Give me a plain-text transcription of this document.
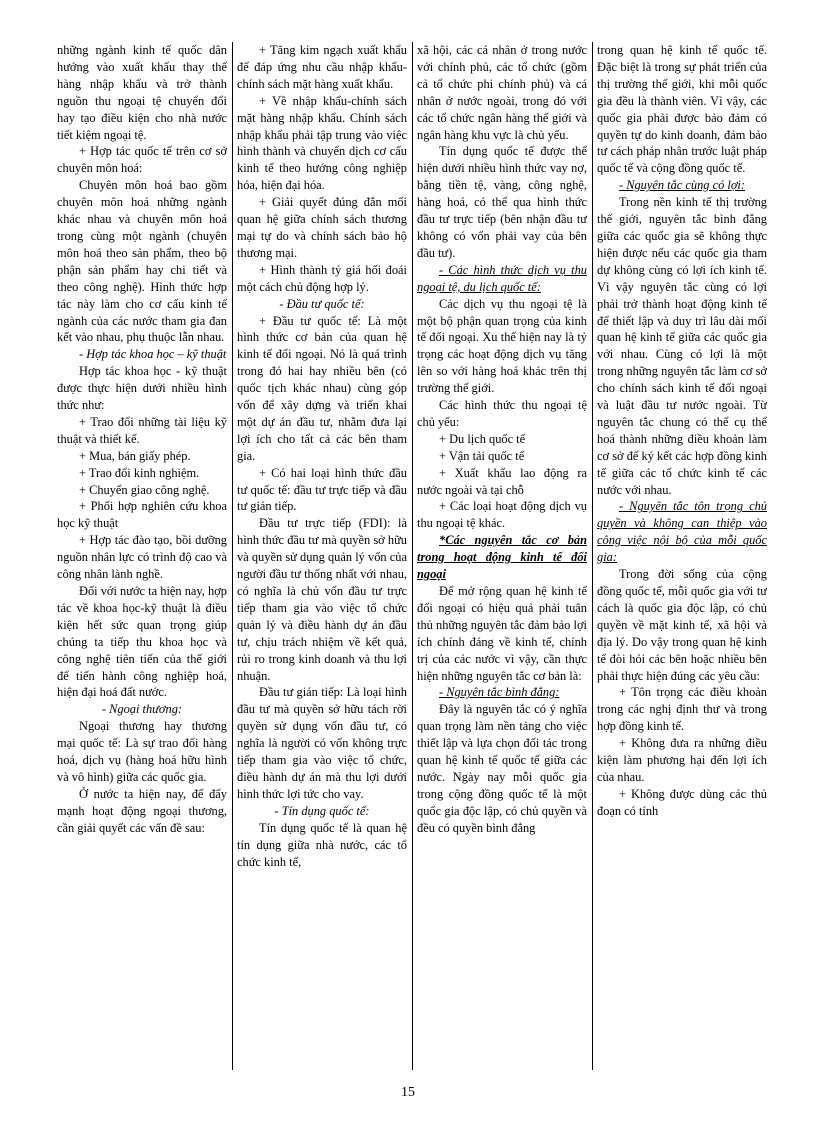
những ngành kinh tế quốc dân hướng vào xuất khẩu thay thế hàng nhập khẩu và trở thành nguồn thu ngoại tệ chuyển đổi hay tạo điều kiện cho nhà nước tiết kiệm ngoại tệ.

+ Hợp tác quốc tế trên cơ sở chuyên môn hoá:

Chuyên môn hoá bao gồm chuyên môn hoá những ngành khác nhau và chuyên môn hoá trong cùng một ngành (chuyên môn hoá theo sản phẩm, theo bộ phận sản phẩm hay chi tiết và theo công nghệ). Hình thức hợp tác này làm cho cơ cấu kinh tế ngành của các nước tham gia đan kết vào nhau, phụ thuộc lẫn nhau.

- Hợp tác khoa học – kỹ thuật

Hợp tác khoa học - kỹ thuật được thực hiện dưới nhiều hình thức như:

+ Trao đổi những tài liệu kỹ thuật và thiết kế.

+ Mua, bán giấy phép.

+ Trao đổi kinh nghiệm.

+ Chuyển giao công nghệ.

+ Phối hợp nghiên cứu khoa học kỹ thuật

+ Hợp tác đào tạo, bồi dưỡng nguồn nhân lực có trình độ cao và công nhân lành nghề.

Đối với nước ta hiện nay, hợp tác về khoa học-kỹ thuật là điều kiện hết sức quan trọng giúp chúng ta tiếp thu khoa học và công nghệ tiên tiến của thế giới để tiến hành công nghiệp hoá, hiện đại hoá đất nước.

- Ngoại thương:

Ngoại thương hay thương mại quốc tế: Là sự trao đổi hàng hoá, dịch vụ (hàng hoá hữu hình và vô hình) giữa các quốc gia.

Ở nước ta hiện nay, để đẩy mạnh hoạt động ngoại thương, cần giải quyết các vấn đề sau:

+ Tăng kim ngạch xuất khẩu để đáp ứng nhu cầu nhập khẩu-chính sách mặt hàng xuất khẩu.

+ Về nhập khẩu-chính sách mặt hàng nhập khẩu. Chính sách nhập khẩu phải tập trung vào việc hình thành và chuyển dịch cơ cấu kinh tế theo hướng công nghiệp hóa, hiện đại hóa.

+ Giải quyết đúng đắn mối quan hệ giữa chính sách thương mại tự do và chính sách bảo hộ thương mại.

+ Hình thành tỷ giá hối đoái một cách chủ động hợp lý.

- Đầu tư quốc tế:

+ Đầu tư quốc tế: Là một hình thức cơ bản của quan hệ kinh tế đối ngoại. Nó là quá trình trong đó hai hay nhiều bên (có quốc tịch khác nhau) cùng góp vốn để xây dựng và triển khai một dự án đầu tư, nhằm đưa lại lợi ích cho tất cả các bên tham gia.

+ Có hai loại hình thức đầu tư quốc tế: đầu tư trực tiếp và đầu tư gián tiếp.

Đầu tư trực tiếp (FDI): là hình thức đầu tư mà quyền sở hữu và quyền sử dụng quản lý vốn của người đầu tư thống nhất với nhau, có nghĩa là chủ vốn đầu tư trực tiếp tham gia vào việc tổ chức quản lý và điều hành dự án đầu tư, chịu trách nhiệm về kết quả, rủi ro trong kinh doanh và thu lợi nhuận.

Đầu tư gián tiếp: Là loại hình đầu tư mà quyền sở hữu tách rời quyền sử dụng vốn đầu tư, có nghĩa là người có vốn không trực tiếp tham gia vào việc tổ chức, điều hành dự án mà thu lợi dưới hình thức lợi tức cho vay.

- Tín dụng quốc tế:

Tín dụng quốc tế là quan hệ tín dụng giữa nhà nước, các tổ chức kinh tế,

xã hội, các cá nhân ở trong nước với chính phủ, các tổ chức (gồm cả tổ chức phi chính phủ) và cá nhân ở nước ngoài, trong đó với các tổ chức ngân hàng thế giới và ngân hàng khu vực là chủ yếu.

Tín dụng quốc tế được thể hiện dưới nhiều hình thức vay nợ, bằng tiền tệ, vàng, công nghệ, hàng hoá, có thể qua hình thức đầu tư trực tiếp (bên nhận đầu tư không có vốn phải vay của bên đầu tư).

- Các hình thức dịch vụ thu ngoại tệ, du lịch quốc tế:

Các dịch vụ thu ngoại tệ là một bộ phận quan trọng của kinh tế đối ngoại. Xu thế hiện nay là tỷ trọng các hoạt động dịch vụ tăng lên so với hàng hoá khác trên thị trường thế giới.

Các hình thức thu ngoại tệ chủ yếu:

+ Du lịch quốc tế

+ Vận tải quốc tế

+ Xuất khẩu lao động ra nước ngoài và tại chỗ

+ Các loại hoạt động dịch vụ thu ngoại tệ khác.

*Các nguyên tắc cơ bản trong hoạt động kinh tế đối ngoại

Để mở rộng quan hệ kinh tế đối ngoại có hiệu quả phải tuân thủ những nguyên tắc đảm bảo lợi ích chính đáng về kinh tế, chính trị của các nước vì vậy, cần thực hiện những nguyên tắc cơ bản là:

- Nguyên tắc bình đẳng:

Đây là nguyên tắc có ý nghĩa quan trọng làm nền tảng cho việc thiết lập và lựa chọn đối tác trong quan hệ kinh tế quốc tế giữa các nước. Ngày nay mỗi quốc gia trong cộng đồng quốc tế là một quốc gia độc lập, có chủ quyền và đều có quyền bình đẳng

trong quan hệ kinh tế quốc tế. Đặc biệt là trong sự phát triển của thị trường thế giới, khi mỗi quốc gia đều là thành viên. Vì vậy, các quốc gia phải được bảo đảm có quyền tự do kinh doanh, đảm bảo tư cách pháp nhân trước luật pháp quốc tế và cộng đồng quốc tế.

- Nguyên tắc cùng có lợi:

Trong nền kinh tế thị trường thế giới, nguyên tắc bình đẳng giữa các quốc gia sẽ không thực hiện được nếu các quốc gia tham dự không cùng có lợi ích kinh tế. Vì vậy nguyên tắc cùng có lợi phải trở thành hoạt động kinh tế để thiết lập và duy trì lâu dài mối quan hệ kinh tế giữa các quốc gia với nhau. Cùng có lợi là một trong những nguyên tắc làm cơ sở cho chính sách kinh tế đối ngoại và luật đầu tư nước ngoài. Từ nguyên tắc chung có thể cụ thể hoá thành những điều khoản làm cơ sở để ký kết các hợp đồng kinh tế giữa các tổ chức kinh tế các nước với nhau.

- Nguyên tắc tôn trọng chủ quyền và không can thiệp vào công việc nội bộ của mỗi quốc gia:

Trong đời sống của cộng đồng quốc tế, mỗi quốc gia với tư cách là quốc gia độc lập, có chủ quyền về mặt kinh tế, xã hội và địa lý. Do vậy trong quan hệ kinh tế đòi hỏi các bên hoặc nhiều bên phải thực hiện đúng các yêu cầu:

+ Tôn trọng các điều khoản trong các nghị định thư và trong hợp đồng kinh tế.

+ Không đưa ra những điều kiện làm phương hại đến lợi ích của nhau.

+ Không được dùng các thủ đoạn có tính

15
